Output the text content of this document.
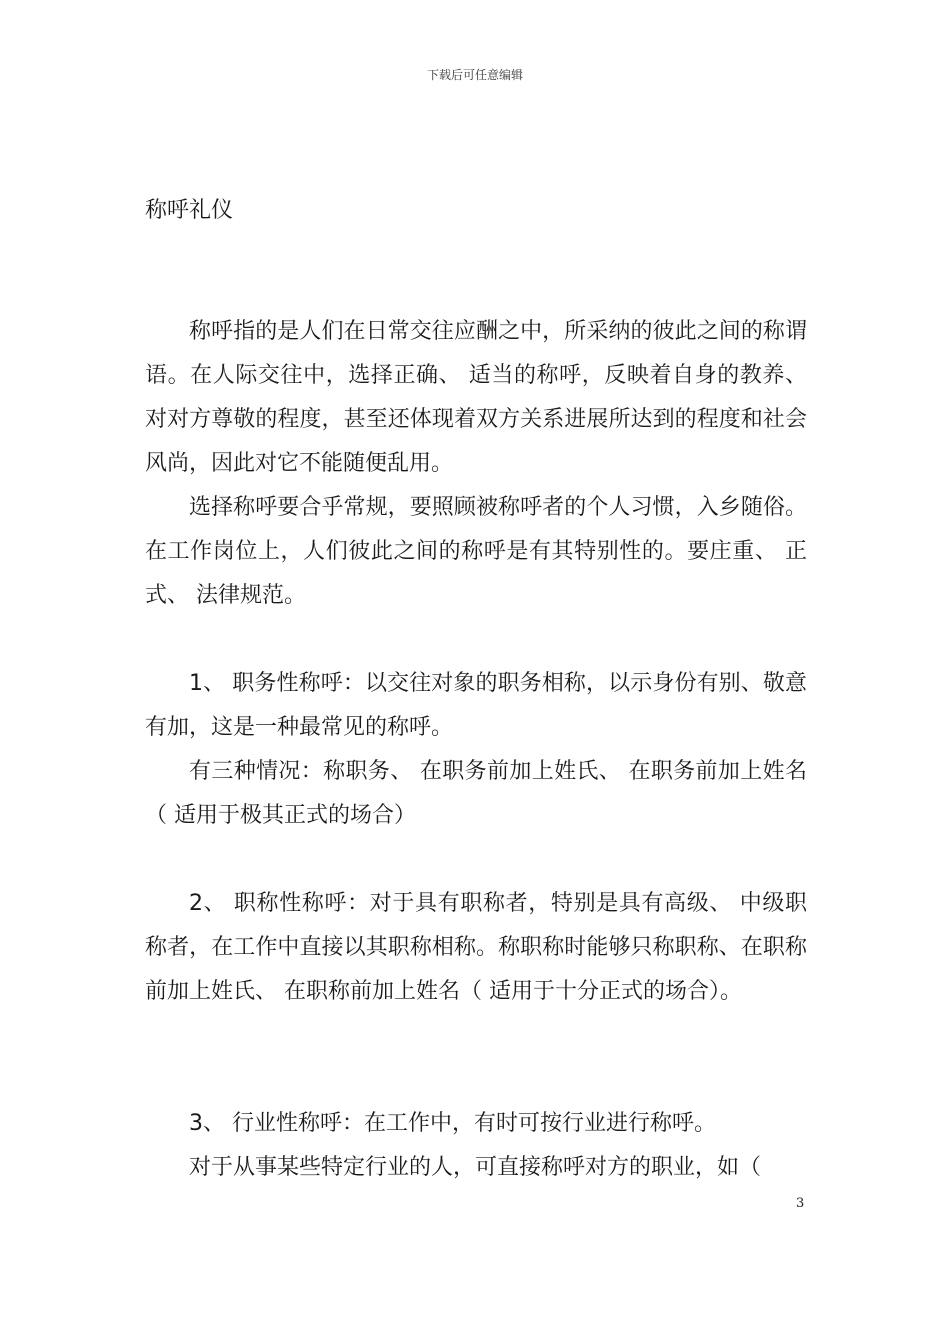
下载后可任意编辑
称呼礼仪

称呼指的是人们在日常交往应酬之中，所采纳的彼此之间的称谓语。在人际交往中，选择正确、 适当的称呼，反映着自身的教养、 对对方尊敬的程度，甚至还体现着双方关系进展所达到的程度和社会风尚，因此对它不能随便乱用。

选择称呼要合乎常规，要照顾被称呼者的个人习惯，入乡随俗。在工作岗位上，人们彼此之间的称呼是有其特别性的。要庄重、 正式、 法律规范。

1、 职务性称呼：以交往对象的职务相称，以示身份有别、敬意有加，这是一种最常见的称呼。

有三种情况：称职务、 在职务前加上姓氏、 在职务前加上姓名（ 适用于极其正式的场合）

2、 职称性称呼：对于具有职称者，特别是具有高级、 中级职称者，在工作中直接以其职称相称。称职称时能够只称职称、在职称前加上姓氏、 在职称前加上姓名（ 适用于十分正式的场合）。

3、 行业性称呼：在工作中，有时可按行业进行称呼。

对于从事某些特定行业的人，可直接称呼对方的职业，如（

3
